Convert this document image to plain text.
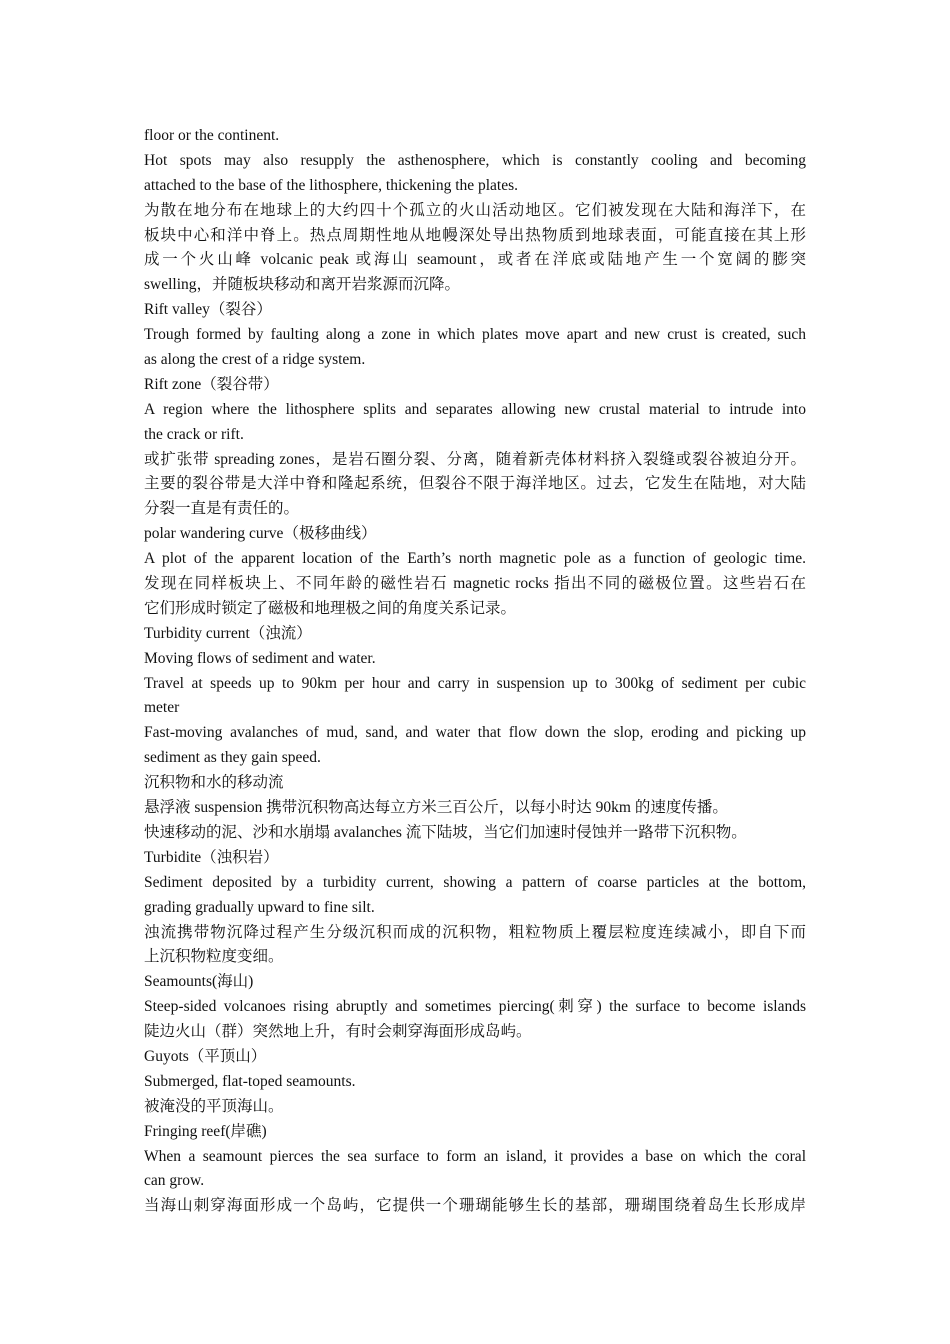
floor or the continent.
Hot spots may also resupply the asthenosphere, which is constantly cooling and becoming
attached to the base of the lithosphere, thickening the plates.
为散在地分布在地球上的大约四十个孤立的火山活动地区。它们被发现在大陆和海洋下，在
板块中心和洋中脊上。热点周期性地从地幔深处导出热物质到地球表面，可能直接在其上形
成一个火山峰 volcanic peak 或海山 seamount，或者在洋底或陆地产生一个宽阔的膨突
swelling，并随板块移动和离开岩浆源而沉降。
Rift valley（裂谷）
Trough formed by faulting along a zone in which plates move apart and new crust is created, such
as along the crest of a ridge system.
Rift zone（裂谷带）
A region where the lithosphere splits and separates allowing new crustal material to intrude into
the crack or rift.
或扩张带 spreading zones，是岩石圈分裂、分离，随着新壳体材料挤入裂缝或裂谷被迫分开。
主要的裂谷带是大洋中脊和隆起系统，但裂谷不限于海洋地区。过去，它发生在陆地，对大陆
分裂一直是有责任的。
polar wandering curve（极移曲线）
A plot of the apparent location of the Earth’s north magnetic pole as a function of geologic time.
发现在同样板块上、不同年龄的磁性岩石 magnetic rocks 指出不同的磁极位置。这些岩石在
它们形成时锁定了磁极和地理极之间的角度关系记录。
Turbidity current（浊流）
Moving flows of sediment and water.
Travel at speeds up to 90km per hour and carry in suspension up to 300kg of sediment per cubic
meter
Fast-moving avalanches of mud, sand, and water that flow down the slop, eroding and picking up
sediment as they gain speed.
沉积物和水的移动流
悬浮液 suspension 携带沉积物高达每立方米三百公斤，以每小时达 90km 的速度传播。
快速移动的泥、沙和水崩塌 avalanches 流下陆坡，当它们加速时侵蚀并一路带下沉积物。
Turbidite（浊积岩）
Sediment deposited by a turbidity current, showing a pattern of coarse particles at the bottom,
grading gradually upward to fine silt.
浊流携带物沉降过程产生分级沉积而成的沉积物，粗粒物质上覆层粒度连续减小，即自下而
上沉积物粒度变细。
Seamounts(海山)
Steep-sided volcanoes rising abruptly and sometimes piercing(刺穿) the surface to become islands
陡边火山（群）突然地上升，有时会刺穿海面形成岛屿。
Guyots（平顶山）
Submerged, flat-toped seamounts.
被淹没的平顶海山。
Fringing reef(岸礁)
When a seamount pierces the sea surface to form an island, it provides a base on which the coral
can grow.
当海山刺穿海面形成一个岛屿，它提供一个珊瑚能够生长的基部，珊瑚围绕着岛生长形成岸
